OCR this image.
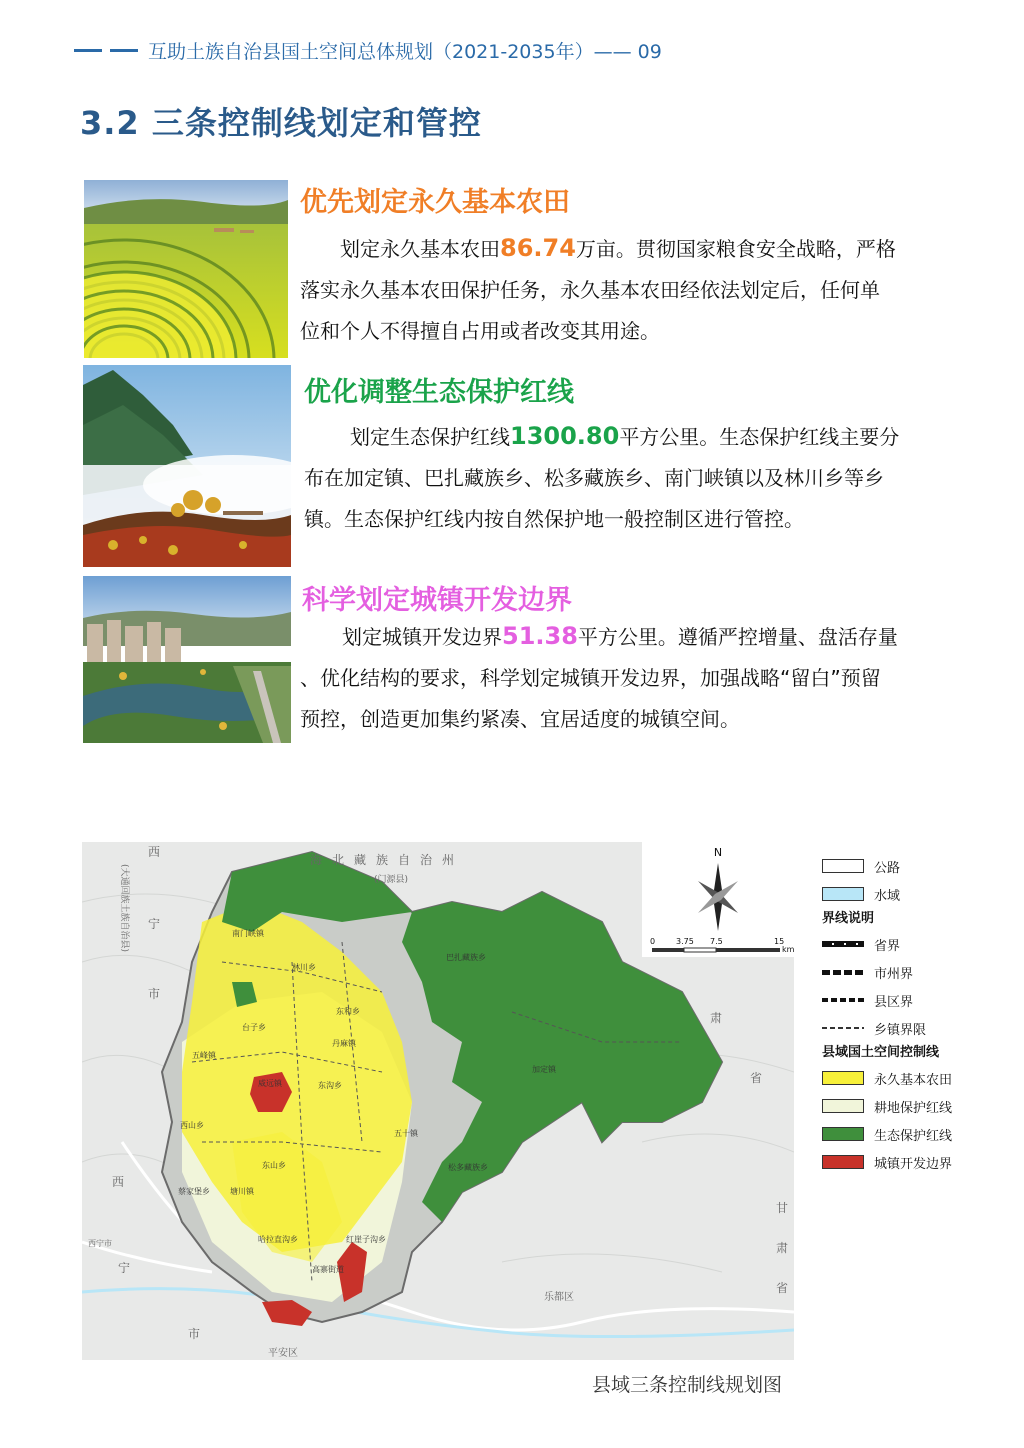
互助土族自治县国土空间总体规划（2021-2035年）—— 09
3.2 三条控制线划定和管控
优先划定永久基本农田
划定永久基本农田86.74万亩。贯彻国家粮食安全战略，严格
落实永久基本农田保护任务，永久基本农田经依法划定后，任何单
位和个人不得擅自占用或者改变其用途。
优化调整生态保护红线
划定生态保护红线1300.80平方公里。生态保护红线主要分
布在加定镇、巴扎藏族乡、松多藏族乡、南门峡镇以及林川乡等乡
镇。生态保护红线内按自然保护地一般控制区进行管控。
科学划定城镇开发边界
划定城镇开发边界51.38平方公里。遵循严控增量、盘活存量
、优化结构的要求，科学划定城镇开发边界，加强战略“留白”预留
预控，创造更加集约紧凑、宜居适度的城镇空间。
N
0	3.75 7.5	15
km
海北藏族自治州
(门源县)
西
宁
市
西
宁
市
肃
省
甘
肃
省
乐都区
平安区
西宁市
(大通回族土族自治县)	南门峡镇
林川乡
东和乡
巴扎藏族乡
丹麻镇
五峰镇
威远镇	东沟乡
台子乡
加定镇
西山乡
东山乡
五十镇
松多藏族乡
蔡家堡乡	塘川镇
哈拉直沟乡	红崖子沟乡
高寨街道
公路
水域
界线说明
省界
市州界
县区界
乡镇界限
县域国土空间控制线
永久基本农田
耕地保护红线
生态保护红线
城镇开发边界
县域三条控制线规划图
